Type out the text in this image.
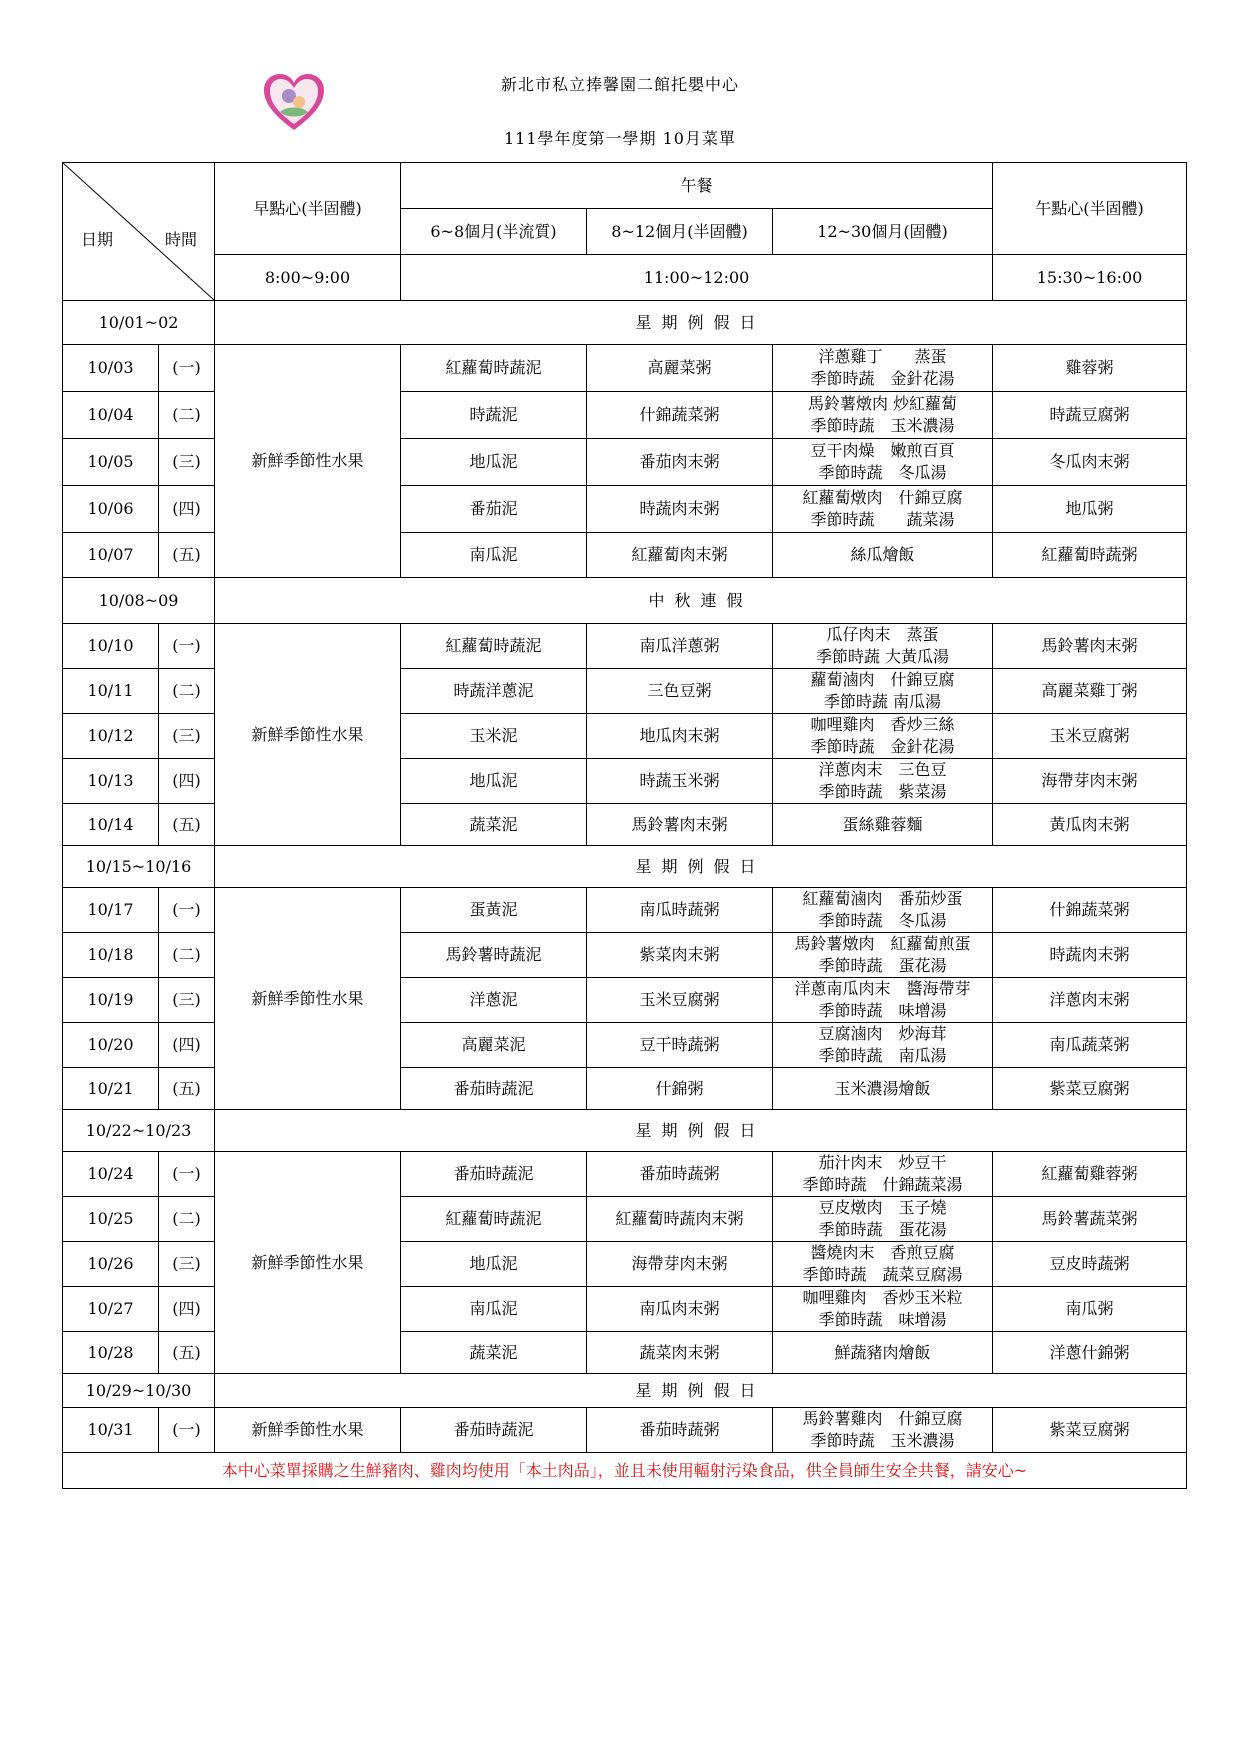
新北市私立捧馨園二館托嬰中心
111學年度第一學期 10月菜單
日期 時間		早點心(半固體)	午餐			午點心(半固體)
			6~8個月(半流質)	8~12個月(半固體)	12~30個月(固體)	
		8:00~9:00	11:00~12:00			15:30~16:00
10/01~02		星期例假日				
10/03	(一)	新鮮季節性水果	紅蘿蔔時蔬泥	高麗菜粥	洋蔥雞丁　　蒸蛋
季節時蔬　金針花湯	雞蓉粥
10/04	(二)		時蔬泥	什錦蔬菜粥	馬鈴薯燉肉 炒紅蘿蔔
季節時蔬　玉米濃湯	時蔬豆腐粥
10/05	(三)		地瓜泥	番茄肉末粥	豆干肉燥　嫩煎百頁
季節時蔬　冬瓜湯	冬瓜肉末粥
10/06	(四)		番茄泥	時蔬肉末粥	紅蘿蔔燉肉　什錦豆腐
季節時蔬　　蔬菜湯	地瓜粥
10/07	(五)		南瓜泥	紅蘿蔔肉末粥	絲瓜燴飯	紅蘿蔔時蔬粥
10/08~09		中秋連假				
10/10	(一)	新鮮季節性水果	紅蘿蔔時蔬泥	南瓜洋蔥粥	瓜仔肉末　蒸蛋
季節時蔬 大黃瓜湯	馬鈴薯肉末粥
10/11	(二)		時蔬洋蔥泥	三色豆粥	蘿蔔滷肉　什錦豆腐
季節時蔬 南瓜湯	高麗菜雞丁粥
10/12	(三)		玉米泥	地瓜肉末粥	咖哩雞肉　香炒三絲
季節時蔬　金針花湯	玉米豆腐粥
10/13	(四)		地瓜泥	時蔬玉米粥	洋蔥肉末　三色豆
季節時蔬　紫菜湯	海帶芽肉末粥
10/14	(五)		蔬菜泥	馬鈴薯肉末粥	蛋絲雞蓉麵	黃瓜肉末粥
10/15~10/16		星期例假日				
10/17	(一)	新鮮季節性水果	蛋黃泥	南瓜時蔬粥	紅蘿蔔滷肉　番茄炒蛋
季節時蔬　冬瓜湯	什錦蔬菜粥
10/18	(二)		馬鈴薯時蔬泥	紫菜肉末粥	馬鈴薯燉肉　紅蘿蔔煎蛋
季節時蔬　蛋花湯	時蔬肉末粥
10/19	(三)		洋蔥泥	玉米豆腐粥	洋蔥南瓜肉末　醬海帶芽
季節時蔬　味增湯	洋蔥肉末粥
10/20	(四)		高麗菜泥	豆干時蔬粥	豆腐滷肉　炒海茸
季節時蔬　南瓜湯	南瓜蔬菜粥
10/21	(五)		番茄時蔬泥	什錦粥	玉米濃湯燴飯	紫菜豆腐粥
10/22~10/23		星期例假日				
10/24	(一)	新鮮季節性水果	番茄時蔬泥	番茄時蔬粥	茄汁肉末　炒豆干
季節時蔬　什錦蔬菜湯	紅蘿蔔雞蓉粥
10/25	(二)		紅蘿蔔時蔬泥	紅蘿蔔時蔬肉末粥	豆皮燉肉　玉子燒
季節時蔬　蛋花湯	馬鈴薯蔬菜粥
10/26	(三)		地瓜泥	海帶芽肉末粥	醬燒肉末　香煎豆腐
季節時蔬　蔬菜豆腐湯	豆皮時蔬粥
10/27	(四)		南瓜泥	南瓜肉末粥	咖哩雞肉　香炒玉米粒
季節時蔬　味增湯	南瓜粥
10/28	(五)		蔬菜泥	蔬菜肉末粥	鮮蔬豬肉燴飯	洋蔥什錦粥
10/29~10/30		星期例假日				
10/31	(一)	新鮮季節性水果	番茄時蔬泥	番茄時蔬粥	馬鈴薯雞肉　什錦豆腐
季節時蔬　玉米濃湯	紫菜豆腐粥
本中心菜單採購之生鮮豬肉、雞肉均使用「本土肉品」，並且未使用輻射污染食品，供全員師生安全共餐，請安心~						
